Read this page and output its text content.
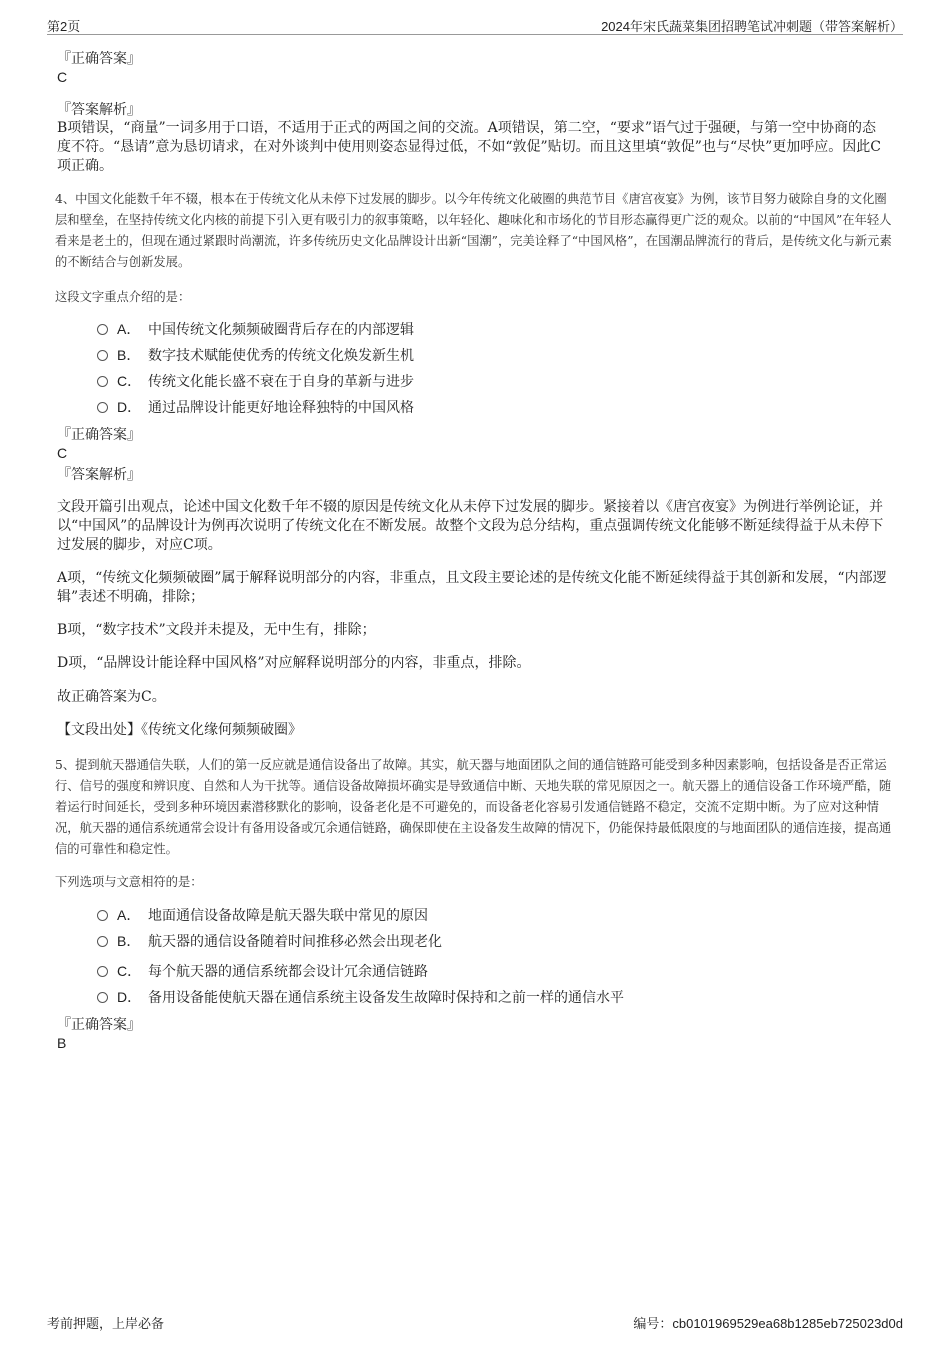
第2页	2024年宋氏蔬菜集团招聘笔试冲刺题（带答案解析）
『正确答案』
C
『答案解析』
B项错误，“商量”一词多用于口语，不适用于正式的两国之间的交流。A项错误，第二空，“要求”语气过于强硬，与第一空中协商的态度不符。“恳请”意为恳切请求，在对外谈判中使用则姿态显得过低，不如“敦促”贴切。而且这里填“敦促”也与“尽快”更加呼应。因此C项正确。
4、中国文化能数千年不辍，根本在于传统文化从未停下过发展的脚步。以今年传统文化破圈的典范节目《唐宫夜宴》为例，该节目努力破除自身的文化圈层和壁垒，在坚持传统文化内核的前提下引入更有吸引力的叙事策略，以年轻化、趣味化和市场化的节目形态赢得更广泛的观众。以前的“中国风”在年轻人看来是老土的，但现在通过紧跟时尚潮流，许多传统历史文化品牌设计出新“国潮”，完美诠释了“中国风格”，在国潮品牌流行的背后，是传统文化与新元素的不断结合与创新发展。
这段文字重点介绍的是：
A． 中国传统文化频频破圈背后存在的内部逻辑
B． 数字技术赋能使优秀的传统文化焕发新生机
C． 传统文化能长盛不衰在于自身的革新与进步
D． 通过品牌设计能更好地诠释独特的中国风格
『正确答案』
C
『答案解析』
文段开篇引出观点，论述中国文化数千年不辍的原因是传统文化从未停下过发展的脚步。紧接着以《唐宫夜宴》为例进行举例论证，并以“中国风”的品牌设计为例再次说明了传统文化在不断发展。故整个文段为总分结构，重点强调传统文化能够不断延续得益于从未停下过发展的脚步，对应C项。
A项，“传统文化频频破圈”属于解释说明部分的内容，非重点，且文段主要论述的是传统文化能不断延续得益于其创新和发展，“内部逻辑”表述不明确，排除；
B项，“数字技术”文段并未提及，无中生有，排除；
D项，“品牌设计能诠释中国风格”对应解释说明部分的内容，非重点，排除。
故正确答案为C。
【文段出处】《传统文化缘何频频破圈》
5、提到航天器通信失联，人们的第一反应就是通信设备出了故障。其实，航天器与地面团队之间的通信链路可能受到多种因素影响，包括设备是否正常运行、信号的强度和辨识度、自然和人为干扰等。通信设备故障损坏确实是导致通信中断、天地失联的常见原因之一。航天器上的通信设备工作环境严酷，随着运行时间延长，受到多种环境因素潜移默化的影响，设备老化是不可避免的，而设备老化容易引发通信链路不稳定，交流不定期中断。为了应对这种情况，航天器的通信系统通常会设计有备用设备或冗余通信链路，确保即使在主设备发生故障的情况下，仍能保持最低限度的与地面团队的通信连接，提高通信的可靠性和稳定性。
下列选项与文意相符的是：
A． 地面通信设备故障是航天器失联中常见的原因
B． 航天器的通信设备随着时间推移必然会出现老化
C． 每个航天器的通信系统都会设计冗余通信链路
D． 备用设备能使航天器在通信系统主设备发生故障时保持和之前一样的通信水平
『正确答案』
B
考前押题，上岸必备	编号：cb0101969529ea68b1285eb725023d0d
